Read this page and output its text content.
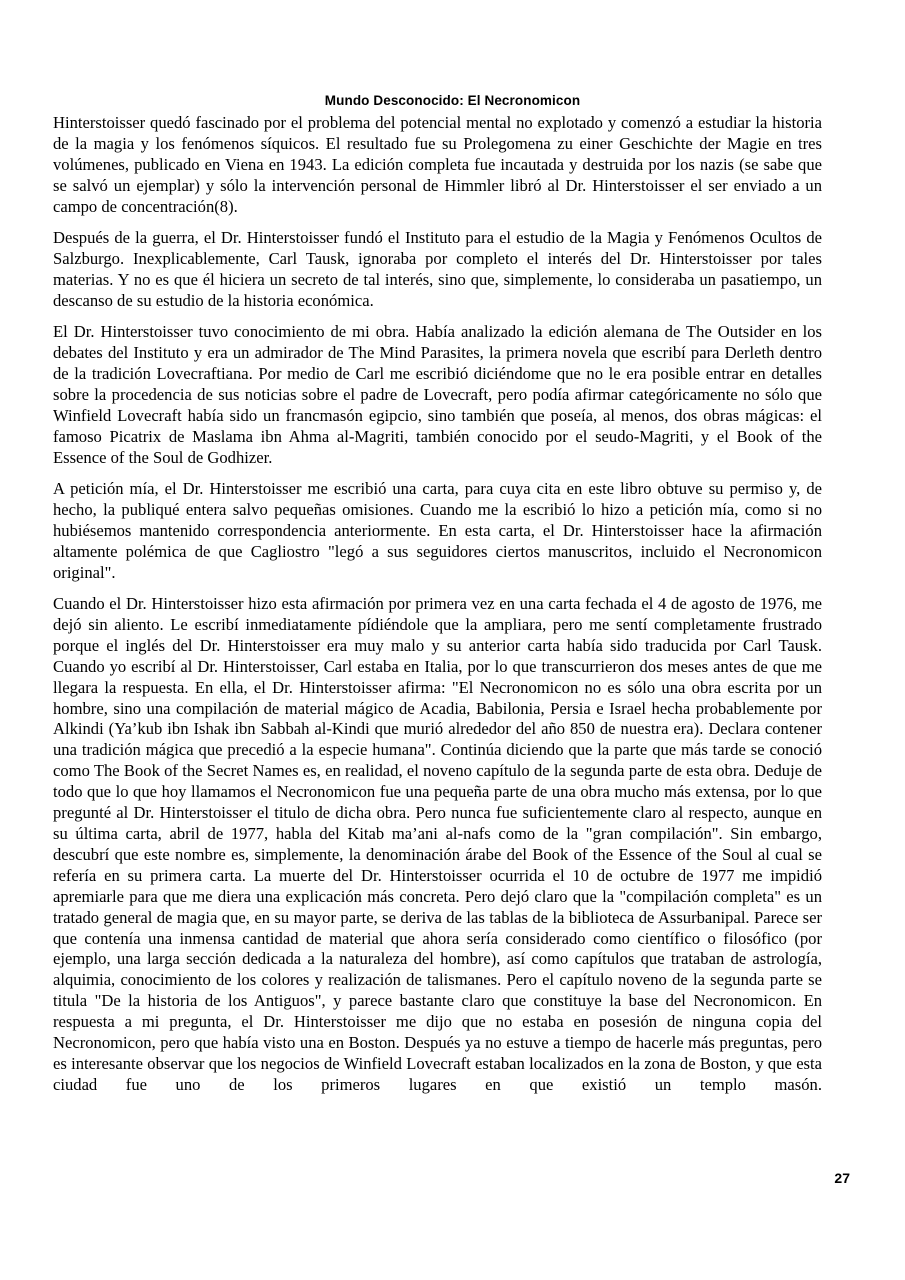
Mundo Desconocido: El Necronomicon

Hinterstoisser quedó fascinado por el problema del potencial mental no explotado y comenzó a estudiar la historia de la magia y los fenómenos síquicos. El resultado fue su Prolegomena zu einer Geschichte der Magie en tres volúmenes, publicado en Viena en 1943. La edición completa fue incautada y destruida por los nazis (se sabe que se salvó un ejemplar) y sólo la intervención personal de Himmler libró al Dr. Hinterstoisser el ser enviado a un campo de concentración(8).

Después de la guerra, el Dr. Hinterstoisser fundó el Instituto para el estudio de la Magia y Fenómenos Ocultos de Salzburgo. Inexplicablemente, Carl Tausk, ignoraba por completo el interés del Dr. Hinterstoisser por tales materias. Y no es que él hiciera un secreto de tal interés, sino que, simplemente, lo consideraba un pasatiempo, un descanso de su estudio de la historia económica.

El Dr. Hinterstoisser tuvo conocimiento de mi obra. Había analizado la edición alemana de The Outsider en los debates del Instituto y era un admirador de The Mind Parasites, la primera novela que escribí para Derleth dentro de la tradición Lovecraftiana. Por medio de Carl me escribió diciéndome que no le era posible entrar en detalles sobre la procedencia de sus noticias sobre el padre de Lovecraft, pero podía afirmar categóricamente no sólo que Winfield Lovecraft había sido un francmasón egipcio, sino también que poseía, al menos, dos obras mágicas: el famoso Picatrix de Maslama ibn Ahma al-Magriti, también conocido por el seudo-Magriti, y el Book of the Essence of the Soul de Godhizer.

A petición mía, el Dr. Hinterstoisser me escribió una carta, para cuya cita en este libro obtuve su permiso y, de hecho, la publiqué entera salvo pequeñas omisiones. Cuando me la escribió lo hizo a petición mía, como si no hubiésemos mantenido correspondencia anteriormente. En esta carta, el Dr. Hinterstoisser hace la afirmación altamente polémica de que Cagliostro "legó a sus seguidores ciertos manuscritos, incluido el Necronomicon original".

Cuando el Dr. Hinterstoisser hizo esta afirmación por primera vez en una carta fechada el 4 de agosto de 1976, me dejó sin aliento. Le escribí inmediatamente pídiéndole que la ampliara, pero me sentí completamente frustrado porque el inglés del Dr. Hinterstoisser era muy malo y su anterior carta había sido traducida por Carl Tausk. Cuando yo escribí al Dr. Hinterstoisser, Carl estaba en Italia, por lo que transcurrieron dos meses antes de que me llegara la respuesta. En ella, el Dr. Hinterstoisser afirma: "El Necronomicon no es sólo una obra escrita por un hombre, sino una compilación de material mágico de Acadia, Babilonia, Persia e Israel hecha probablemente por Alkindi (Ya’kub ibn Ishak ibn Sabbah al-Kindi que murió alrededor del año 850 de nuestra era). Declara contener una tradición mágica que precedió a la especie humana". Continúa diciendo que la parte que más tarde se conoció como The Book of the Secret Names es, en realidad, el noveno capítulo de la segunda parte de esta obra. Deduje de todo que lo que hoy llamamos el Necronomicon fue una pequeña parte de una obra mucho más extensa, por lo que pregunté al Dr. Hinterstoisser el titulo de dicha obra. Pero nunca fue suficientemente claro al respecto, aunque en su última carta, abril de 1977, habla del Kitab ma’ani al-nafs como de la "gran compilación". Sin embargo, descubrí que este nombre es, simplemente, la denominación árabe del Book of the Essence of the Soul al cual se refería en su primera carta. La muerte del Dr. Hinterstoisser ocurrida el 10 de octubre de 1977 me impidió apremiarle para que me diera una explicación más concreta. Pero dejó claro que la "compilación completa" es un tratado general de magia que, en su mayor parte, se deriva de las tablas de la biblioteca de Assurbanipal. Parece ser que contenía una inmensa cantidad de material que ahora sería considerado como científico o filosófico (por ejemplo, una larga sección dedicada a la naturaleza del hombre), así como capítulos que trataban de astrología, alquimia, conocimiento de los colores y realización de talismanes. Pero el capítulo noveno de la segunda parte se titula "De la historia de los Antiguos", y parece bastante claro que constituye la base del Necronomicon. En respuesta a mi pregunta, el Dr. Hinterstoisser me dijo que no estaba en posesión de ninguna copia del Necronomicon, pero que había visto una en Boston. Después ya no estuve a tiempo de hacerle más preguntas, pero es interesante observar que los negocios de Winfield Lovecraft estaban localizados en la zona de Boston, y que esta ciudad fue uno de los primeros lugares en que existió un templo masón.

27
